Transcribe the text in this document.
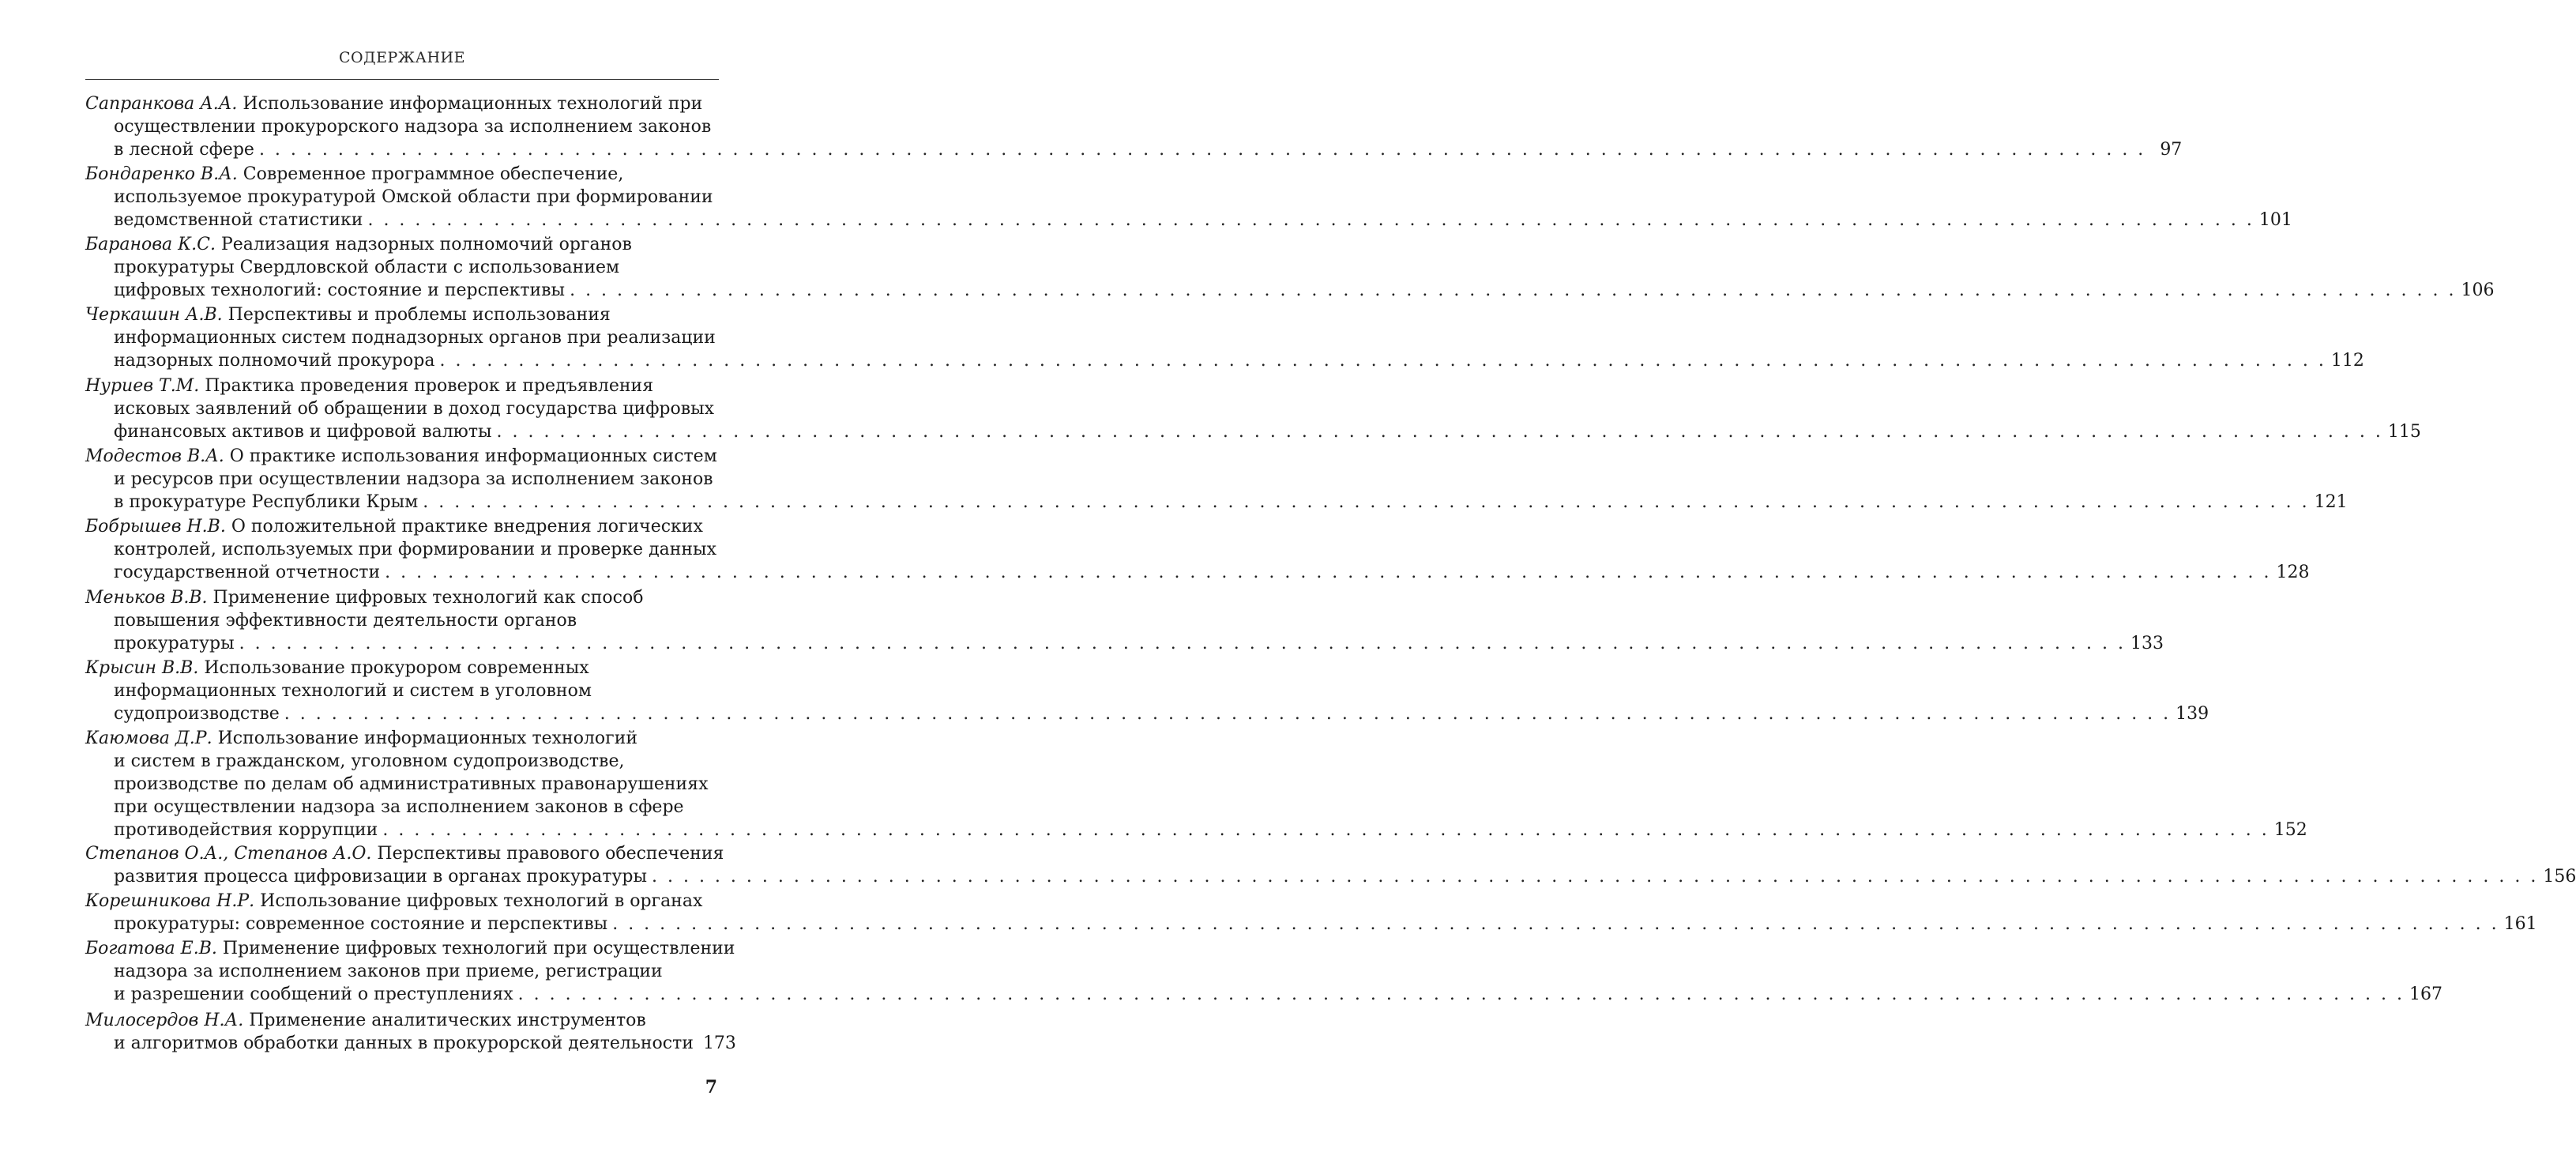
СОДЕРЖАНИЕ
Сапранкова А.А. Использование информационных технологий при
осуществлении прокурорского надзора за исполнением законов
в лесной сфере . . . . . . . . . . . . . . . . . . . . . . . . . . . . . . . . . . . . . . . . . . . . . . . . . . . . . . . . . . . . . . . . . . . . . . . . . . . . . . . . . . . . . . . . . . . . . . . . . . . . . . . . . . . . . . . . . . . . . . . . 97
Бондаренко В.А. Современное программное обеспечение,
используемое прокуратурой Омской области при формировании
ведомственной статистики . . . . . . . . . . . . . . . . . . . . . . . . . . . . . . . . . . . . . . . . . . . . . . . . . . . . . . . . . . . . . . . . . . . . . . . . . . . . . . . . . . . . . . . . . . . . . . . . . . . . . . . . . . . . . . . . . . . . . . . . 101
Баранова К.С. Реализация надзорных полномочий органов
прокуратуры Свердловской области с использованием
цифровых технологий: состояние и перспективы . . . . . . . . . . . . . . . . . . . . . . . . . . . . . . . . . . . . . . . . . . . . . . . . . . . . . . . . . . . . . . . . . . . . . . . . . . . . . . . . . . . . . . . . . . . . . . . . . . . . . . . . . . . . . . . . . . . . . . . . 106
Черкашин А.В. Перспективы и проблемы использования
информационных систем поднадзорных органов при реализации
надзорных полномочий прокурора . . . . . . . . . . . . . . . . . . . . . . . . . . . . . . . . . . . . . . . . . . . . . . . . . . . . . . . . . . . . . . . . . . . . . . . . . . . . . . . . . . . . . . . . . . . . . . . . . . . . . . . . . . . . . . . . . . . . . . . . 112
Нуриев Т.М. Практика проведения проверок и предъявления
исковых заявлений об обращении в доход государства цифровых
финансовых активов и цифровой валюты . . . . . . . . . . . . . . . . . . . . . . . . . . . . . . . . . . . . . . . . . . . . . . . . . . . . . . . . . . . . . . . . . . . . . . . . . . . . . . . . . . . . . . . . . . . . . . . . . . . . . . . . . . . . . . . . . . . . . . . . 115
Модестов В.А. О практике использования информационных систем
и ресурсов при осуществлении надзора за исполнением законов
в прокуратуре Республики Крым . . . . . . . . . . . . . . . . . . . . . . . . . . . . . . . . . . . . . . . . . . . . . . . . . . . . . . . . . . . . . . . . . . . . . . . . . . . . . . . . . . . . . . . . . . . . . . . . . . . . . . . . . . . . . . . . . . . . . . . . 121
Бобрышев Н.В. О положительной практике внедрения логических
контролей, используемых при формировании и проверке данных
государственной отчетности . . . . . . . . . . . . . . . . . . . . . . . . . . . . . . . . . . . . . . . . . . . . . . . . . . . . . . . . . . . . . . . . . . . . . . . . . . . . . . . . . . . . . . . . . . . . . . . . . . . . . . . . . . . . . . . . . . . . . . . . 128
Меньков В.В. Применение цифровых технологий как способ
повышения эффективности деятельности органов
прокуратуры . . . . . . . . . . . . . . . . . . . . . . . . . . . . . . . . . . . . . . . . . . . . . . . . . . . . . . . . . . . . . . . . . . . . . . . . . . . . . . . . . . . . . . . . . . . . . . . . . . . . . . . . . . . . . . . . . . . . . . . . 133
Крысин В.В. Использование прокурором современных
информационных технологий и систем в уголовном
судопроизводстве . . . . . . . . . . . . . . . . . . . . . . . . . . . . . . . . . . . . . . . . . . . . . . . . . . . . . . . . . . . . . . . . . . . . . . . . . . . . . . . . . . . . . . . . . . . . . . . . . . . . . . . . . . . . . . . . . . . . . . . . 139
Каюмова Д.Р. Использование информационных технологий
и систем в гражданском, уголовном судопроизводстве,
производстве по делам об административных правонарушениях
при осуществлении надзора за исполнением законов в сфере
противодействия коррупции . . . . . . . . . . . . . . . . . . . . . . . . . . . . . . . . . . . . . . . . . . . . . . . . . . . . . . . . . . . . . . . . . . . . . . . . . . . . . . . . . . . . . . . . . . . . . . . . . . . . . . . . . . . . . . . . . . . . . . . . 152
Степанов О.А., Степанов А.О. Перспективы правового обеспечения
развития процесса цифровизации в органах прокуратуры . . . . . . . . . . . . . . . . . . . . . . . . . . . . . . . . . . . . . . . . . . . . . . . . . . . . . . . . . . . . . . . . . . . . . . . . . . . . . . . . . . . . . . . . . . . . . . . . . . . . . . . . . . . . . . . . . . . . . . . . 156
Корешникова Н.Р. Использование цифровых технологий в органах
прокуратуры: современное состояние и перспективы . . . . . . . . . . . . . . . . . . . . . . . . . . . . . . . . . . . . . . . . . . . . . . . . . . . . . . . . . . . . . . . . . . . . . . . . . . . . . . . . . . . . . . . . . . . . . . . . . . . . . . . . . . . . . . . . . . . . . . . . 161
Богатова Е.В. Применение цифровых технологий при осуществлении
надзора за исполнением законов при приеме, регистрации
и разрешении сообщений о преступлениях . . . . . . . . . . . . . . . . . . . . . . . . . . . . . . . . . . . . . . . . . . . . . . . . . . . . . . . . . . . . . . . . . . . . . . . . . . . . . . . . . . . . . . . . . . . . . . . . . . . . . . . . . . . . . . . . . . . . . . . . 167
Милосердов Н.А. Применение аналитических инструментов
и алгоритмов обработки данных в прокурорской деятельности 173
7
